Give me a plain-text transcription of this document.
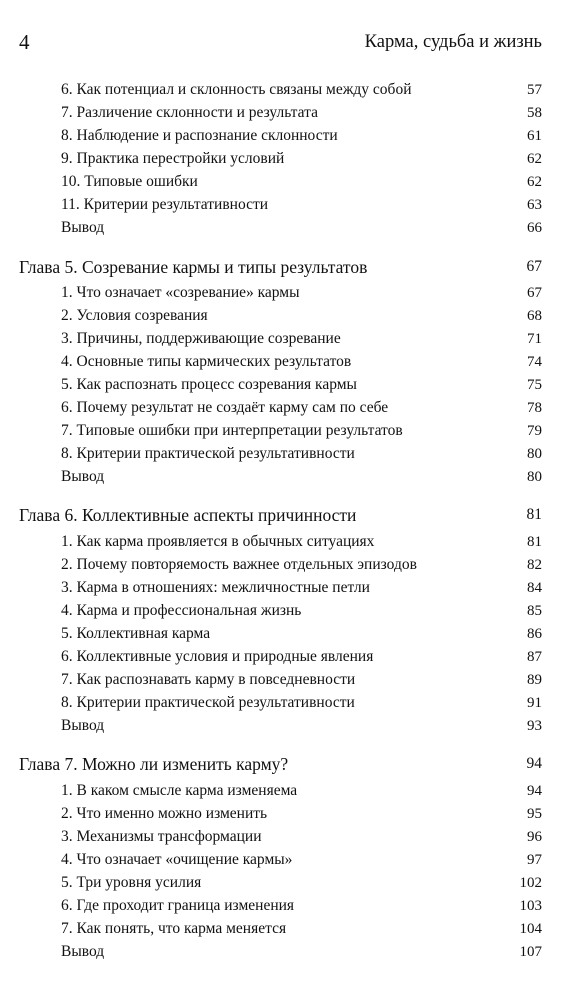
4	Карма, судьба и жизнь
6. Как потенциал и склонность связаны между собой	57
7. Различение склонности и результата	58
8. Наблюдение и распознание склонности	61
9. Практика перестройки условий	62
10. Типовые ошибки	62
11. Критерии результативности	63
Вывод	66
Глава 5. Созревание кармы и типы результатов	67
1. Что означает «созревание» кармы	67
2. Условия созревания	68
3. Причины, поддерживающие созревание	71
4. Основные типы кармических результатов	74
5. Как распознать процесс созревания кармы	75
6. Почему результат не создаёт карму сам по себе	78
7. Типовые ошибки при интерпретации результатов	79
8. Критерии практической результативности	80
Вывод	80
Глава 6. Коллективные аспекты причинности	81
1. Как карма проявляется в обычных ситуациях	81
2. Почему повторяемость важнее отдельных эпизодов	82
3. Карма в отношениях: межличностные петли	84
4. Карма и профессиональная жизнь	85
5. Коллективная карма	86
6. Коллективные условия и природные явления	87
7. Как распознавать карму в повседневности	89
8. Критерии практической результативности	91
Вывод	93
Глава 7. Можно ли изменить карму?	94
1. В каком смысле карма изменяема	94
2. Что именно можно изменить	95
3. Механизмы трансформации	96
4. Что означает «очищение кармы»	97
5. Три уровня усилия	102
6. Где проходит граница изменения	103
7. Как понять, что карма меняется	104
Вывод	107
